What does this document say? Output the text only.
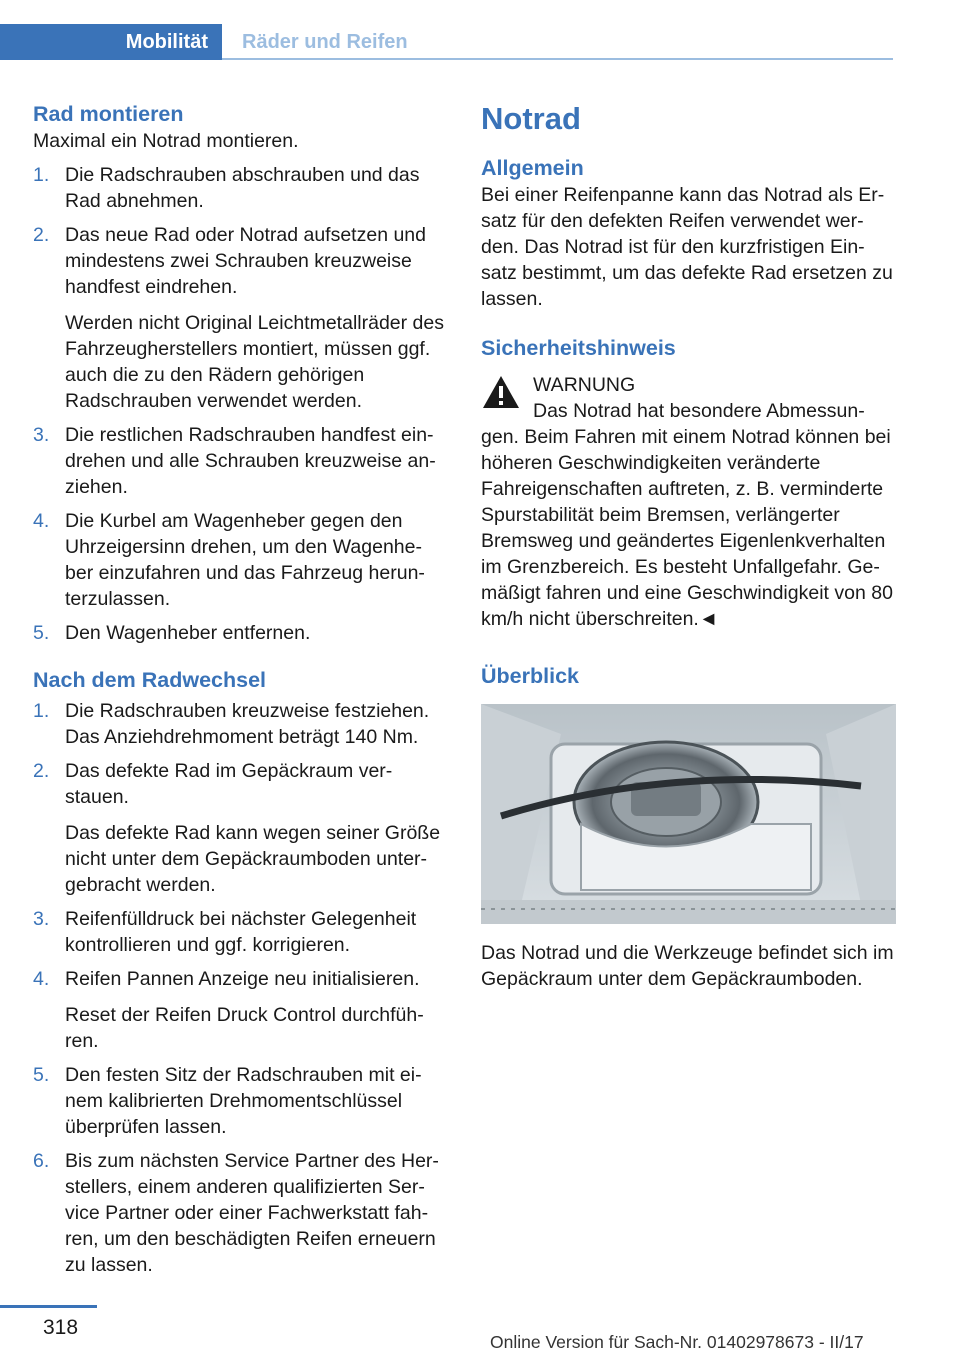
Mobilität	Räder und Reifen
Rad montieren

Maximal ein Notrad montieren.

1. Die Radschrauben abschrauben und das Rad abnehmen.
2. Das neue Rad oder Notrad aufsetzen und mindestens zwei Schrauben kreuzweise handfest eindrehen.
Werden nicht Original Leichtmetallräder des Fahrzeugherstellers montiert, müssen ggf. auch die zu den Rädern gehörigen Radschrauben verwendet werden.
3. Die restlichen Radschrauben handfest ein-drehen und alle Schrauben kreuzweise an-ziehen.
4. Die Kurbel am Wagenheber gegen den Uhrzeigersinn drehen, um den Wagenhe-ber einzufahren und das Fahrzeug herun-terzulassen.
5. Den Wagenheber entfernen.
Nach dem Radwechsel
1. Die Radschrauben kreuzweise festziehen. Das Anziehdrehmoment beträgt 140 Nm.
2. Das defekte Rad im Gepäckraum ver-stauen.
Das defekte Rad kann wegen seiner Größe nicht unter dem Gepäckraumboden unter-gebracht werden.
3. Reifenfülldruck bei nächster Gelegenheit kontrollieren und ggf. korrigieren.
4. Reifen Pannen Anzeige neu initialisieren.
Reset der Reifen Druck Control durchfüh-ren.
5. Den festen Sitz der Radschrauben mit ei-nem kalibrierten Drehmomentschlüssel überprüfen lassen.
6. Bis zum nächsten Service Partner des Her-stellers, einem anderen qualifizierten Ser-vice Partner oder einer Fachwerkstatt fah-ren, um den beschädigten Reifen erneuern zu lassen.
Notrad
Allgemein

Bei einer Reifenpanne kann das Notrad als Er-satz für den defekten Reifen verwendet wer-den. Das Notrad ist für den kurzfristigen Ein-satz bestimmt, um das defekte Rad ersetzen zu lassen.

Sicherheitshinweis
WARNUNG
Das Notrad hat besondere Abmessun-
gen. Beim Fahren mit einem Notrad können bei höheren Geschwindigkeiten veränderte Fahreigenschaften auftreten, z. B. verminderte Spurstabilität beim Bremsen, verlängerter Bremsweg und geändertes Eigenlenkverhalten im Grenzbereich. Es besteht Unfallgefahr. Ge-mäßigt fahren und eine Geschwindigkeit von 80 km/h nicht überschreiten.◄
Überblick

Das Notrad und die Werkzeuge befindet sich im Gepäckraum unter dem Gepäckraumboden.

318
Online Version für Sach-Nr. 01402978673 - II/17
